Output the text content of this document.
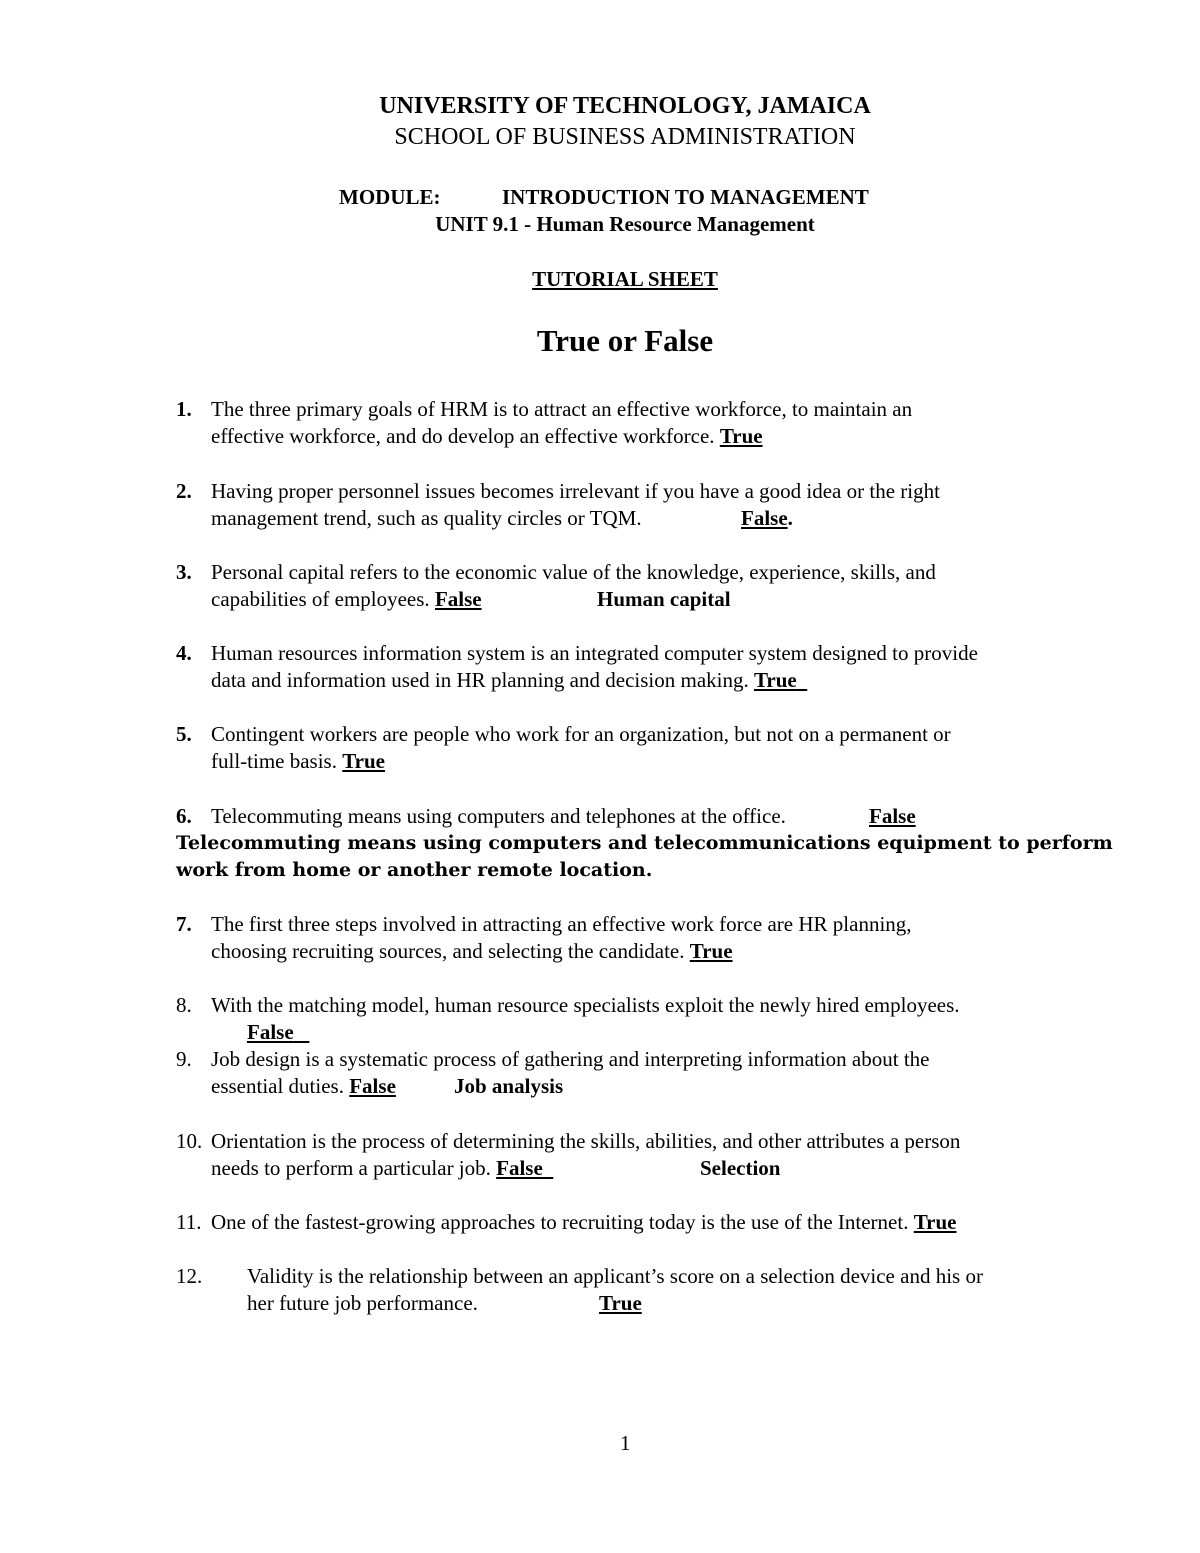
UNIVERSITY OF TECHNOLOGY, JAMAICA
SCHOOL OF BUSINESS ADMINISTRATION
MODULE:	INTRODUCTION TO MANAGEMENT
UNIT 9.1 - Human Resource Management
TUTORIAL SHEET
True or False
1. The three primary goals of HRM is to attract an effective workforce, to maintain an
effective workforce, and do develop an effective workforce. True
2. Having proper personnel issues becomes irrelevant if you have a good idea or the right
management trend, such as quality circles or TQM.	False.
3. Personal capital refers to the economic value of the knowledge, experience, skills, and
capabilities of employees. False	Human capital
4. Human resources information system is an integrated computer system designed to provide
data and information used in HR planning and decision making. True
5. Contingent workers are people who work for an organization, but not on a permanent or
full-time basis. True
6. Telecommuting means using computers and telephones at the office.	False
Telecommuting means using computers and telecommunications equipment to perform
work from home or another remote location.
7. The first three steps involved in attracting an effective work force are HR planning,
choosing recruiting sources, and selecting the candidate. True
8. With the matching model, human resource specialists exploit the newly hired employees.
False
9. Job design is a systematic process of gathering and interpreting information about the
essential duties. False	Job analysis
10. Orientation is the process of determining the skills, abilities, and other attributes a person
needs to perform a particular job. False	Selection
11. One of the fastest-growing approaches to recruiting today is the use of the Internet. True
12. Validity is the relationship between an applicant’s score on a selection device and his or
her future job performance.	True
1
